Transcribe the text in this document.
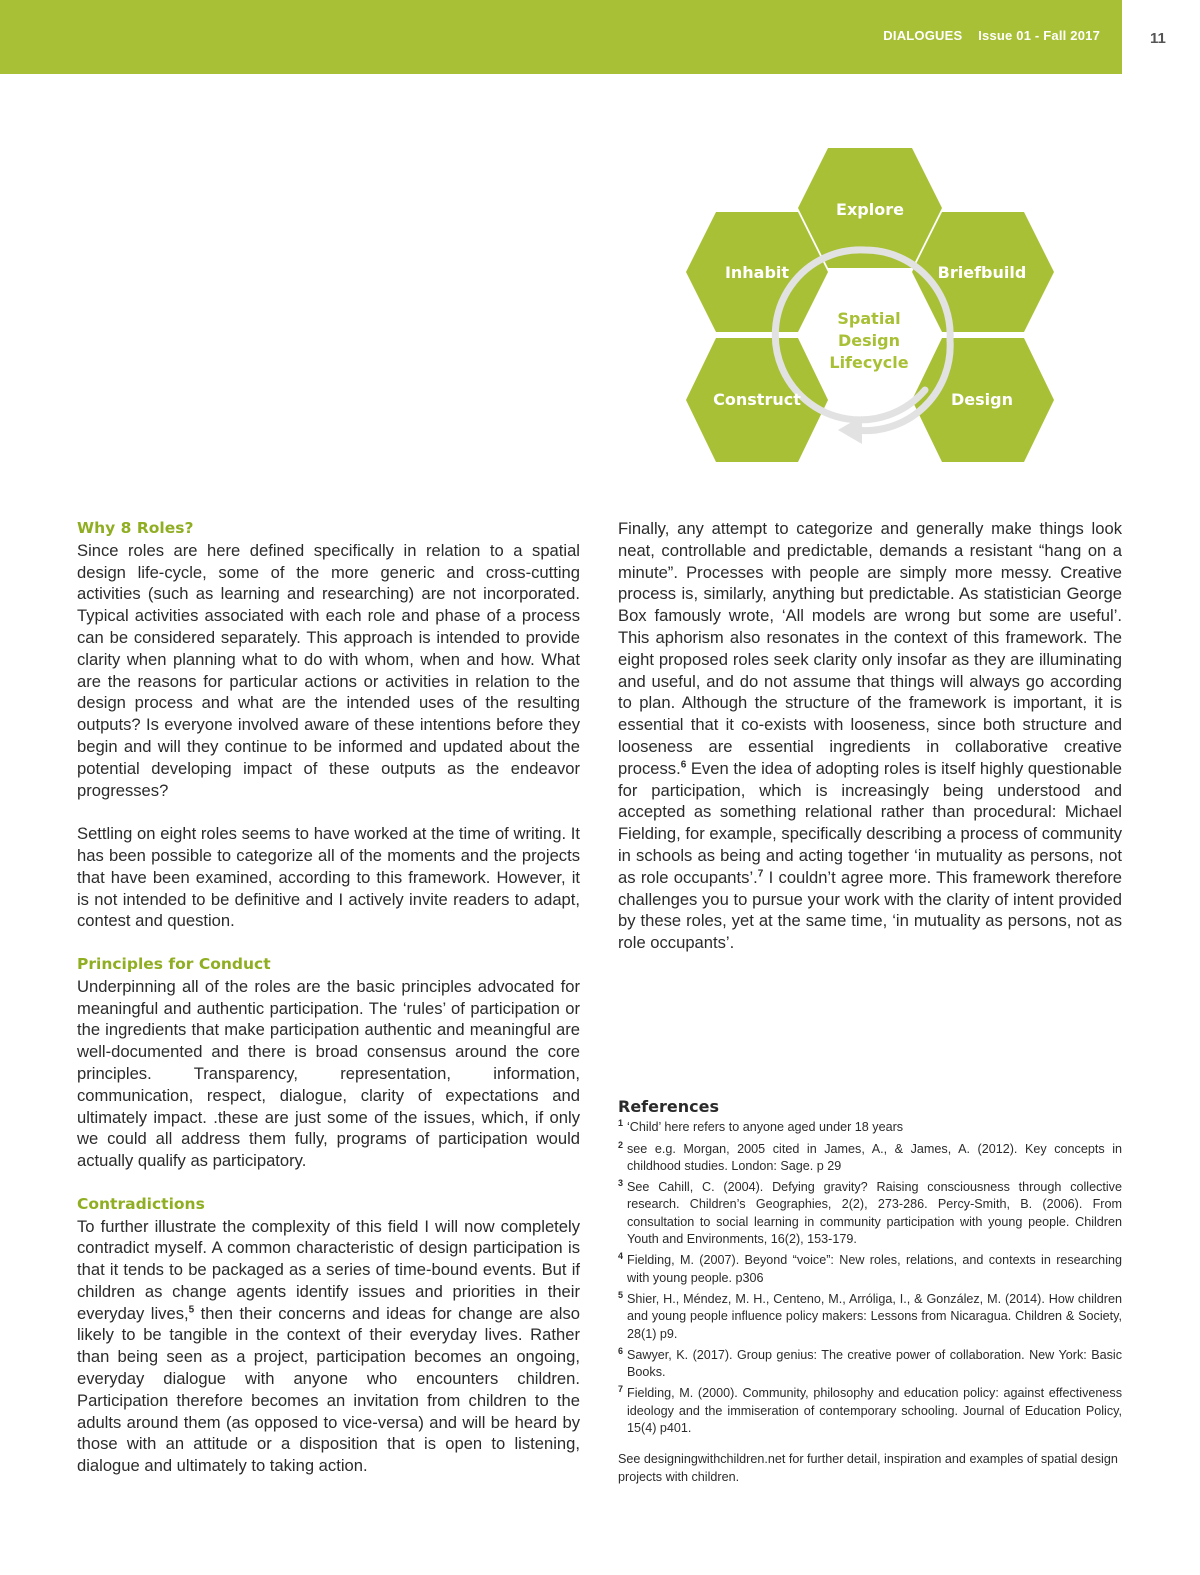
DIALOGUES Issue 01 - Fall 2017	11
Explore
Inhabit	Briefbuild
Construct	Design
Spatial
Design
Lifecycle
Why 8 Roles?

Since roles are here defined specifically in relation to a spatial design life-cycle, some of the more generic and cross-cutting activities (such as learning and researching) are not incorporated. Typical activities associated with each role and phase of a process can be considered separately. This approach is intended to provide clarity when planning what to do with whom, when and how. What are the reasons for particular actions or activities in relation to the design process and what are the intended uses of the resulting outputs? Is everyone involved aware of these intentions before they begin and will they continue to be informed and updated about the potential developing impact of these outputs as the endeavor progresses?

Settling on eight roles seems to have worked at the time of writing. It has been possible to categorize all of the moments and the projects that have been examined, according to this framework. However, it is not intended to be definitive and I actively invite readers to adapt, contest and question.

Principles for Conduct

Underpinning all of the roles are the basic principles advocated for meaningful and authentic participation. The ‘rules’ of participation or the ingredients that make participation authentic and meaningful are well-documented and there is broad consensus around the core principles. Transparency, representation, information, communication, respect, dialogue, clarity of expectations and ultimately impact. .these are just some of the issues, which, if only we could all address them fully, programs of participation would actually qualify as participatory.

Contradictions

To further illustrate the complexity of this field I will now completely contradict myself. A common characteristic of design participation is that it tends to be packaged as a series of time-bound events. But if children as change agents identify issues and priorities in their everyday lives,$^5$ then their concerns and ideas for change are also likely to be tangible in the context of their everyday lives. Rather than being seen as a project, participation becomes an ongoing, everyday dialogue with anyone who encounters children. Participation therefore becomes an invitation from children to the adults around them (as opposed to vice-versa) and will be heard by those with an attitude or a disposition that is open to listening, dialogue and ultimately to taking action.

Finally, any attempt to categorize and generally make things look neat, controllable and predictable, demands a resistant “hang on a minute”. Processes with people are simply more messy. Creative process is, similarly, anything but predictable. As statistician George Box famously wrote, ‘All models are wrong but some are useful’. This aphorism also resonates in the context of this framework. The eight proposed roles seek clarity only insofar as they are illuminating and useful, and do not assume that things will always go according to plan. Although the structure of the framework is important, it is essential that it co-exists with looseness, since both structure and looseness are essential ingredients in collaborative creative process.$^6$ Even the idea of adopting roles is itself highly questionable for participation, which is increasingly being understood and accepted as something relational rather than procedural: Michael Fielding, for example, specifically describing a process of community in schools as being and acting together ‘in mutuality as persons, not as role occupants’.$^7$ I couldn’t agree more. This framework therefore challenges you to pursue your work with the clarity of intent provided by these roles, yet at the same time, ‘in mutuality as persons, not as role occupants’.

References
1 ‘Child’ here refers to anyone aged under 18 years
2 see e.g. Morgan, 2005 cited in James, A., & James, A. (2012). Key concepts in childhood studies. London: Sage. p 29
3 See Cahill, C. (2004). Defying gravity? Raising consciousness through collective research. Children’s Geographies, 2(2), 273-286. Percy-Smith, B. (2006). From consultation to social learning in community participation with young people. Children Youth and Environments, 16(2), 153-179.
4 Fielding, M. (2007). Beyond “voice”: New roles, relations, and contexts in researching with young people. p306
5 Shier, H., Méndez, M. H., Centeno, M., Arróliga, I., & González, M. (2014). How children and young people influence policy makers: Lessons from Nicaragua. Children & Society, 28(1) p9.
6 Sawyer, K. (2017). Group genius: The creative power of collaboration. New York: Basic Books.
7 Fielding, M. (2000). Community, philosophy and education policy: against effectiveness ideology and the immiseration of contemporary schooling. Journal of Education Policy, 15(4) p401.
See designingwithchildren.net for further detail, inspiration and examples of spatial design projects with children.
